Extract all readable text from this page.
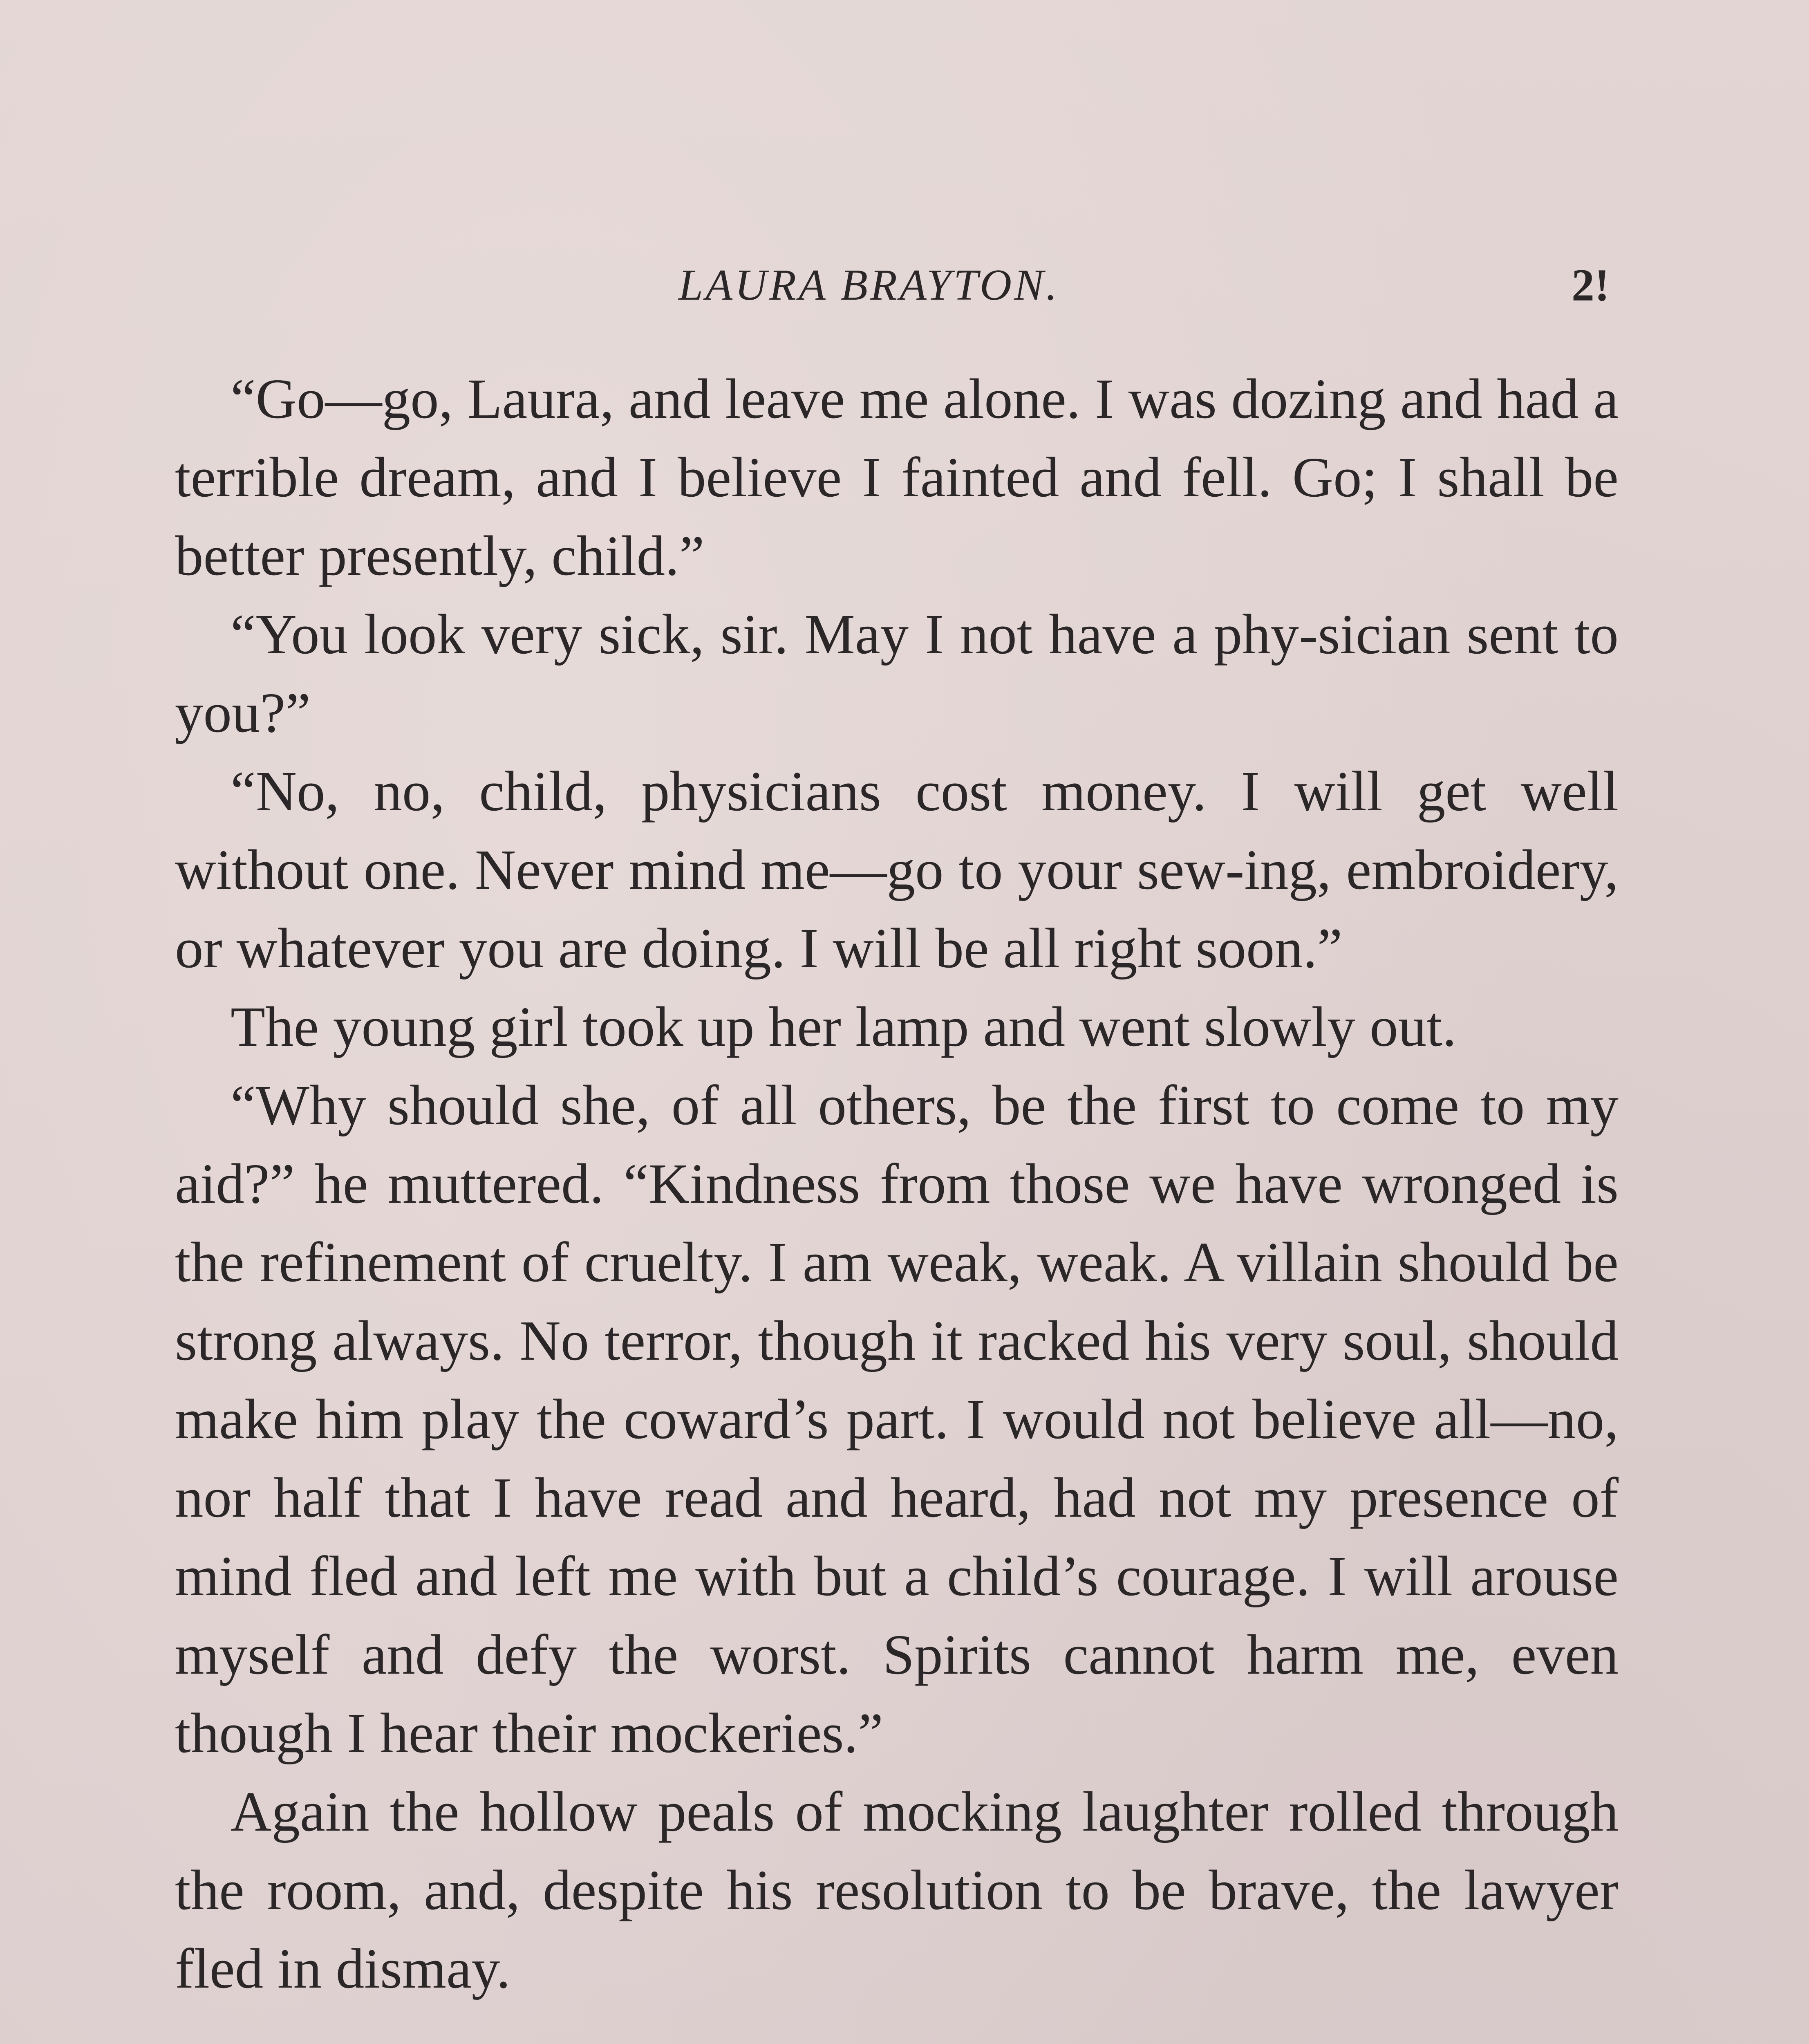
LAURA BRAYTON.	2!

“Go—go, Laura, and leave me alone. I was dozing and had a terrible dream, and I believe I fainted and fell. Go; I shall be better presently, child.”

“You look very sick, sir. May I not have a phy-sician sent to you?”

“No, no, child, physicians cost money. I will get well without one. Never mind me—go to your sew-ing, embroidery, or whatever you are doing. I will be all right soon.”

The young girl took up her lamp and went slowly out.

“Why should she, of all others, be the first to come to my aid?” he muttered. “Kindness from those we have wronged is the refinement of cruelty. I am weak, weak. A villain should be strong always. No terror, though it racked his very soul, should make him play the coward’s part. I would not believe all—no, nor half that I have read and heard, had not my presence of mind fled and left me with but a child’s courage. I will arouse myself and defy the worst. Spirits cannot harm me, even though I hear their mockeries.”

Again the hollow peals of mocking laughter rolled through the room, and, despite his resolution to be brave, the lawyer fled in dismay.
